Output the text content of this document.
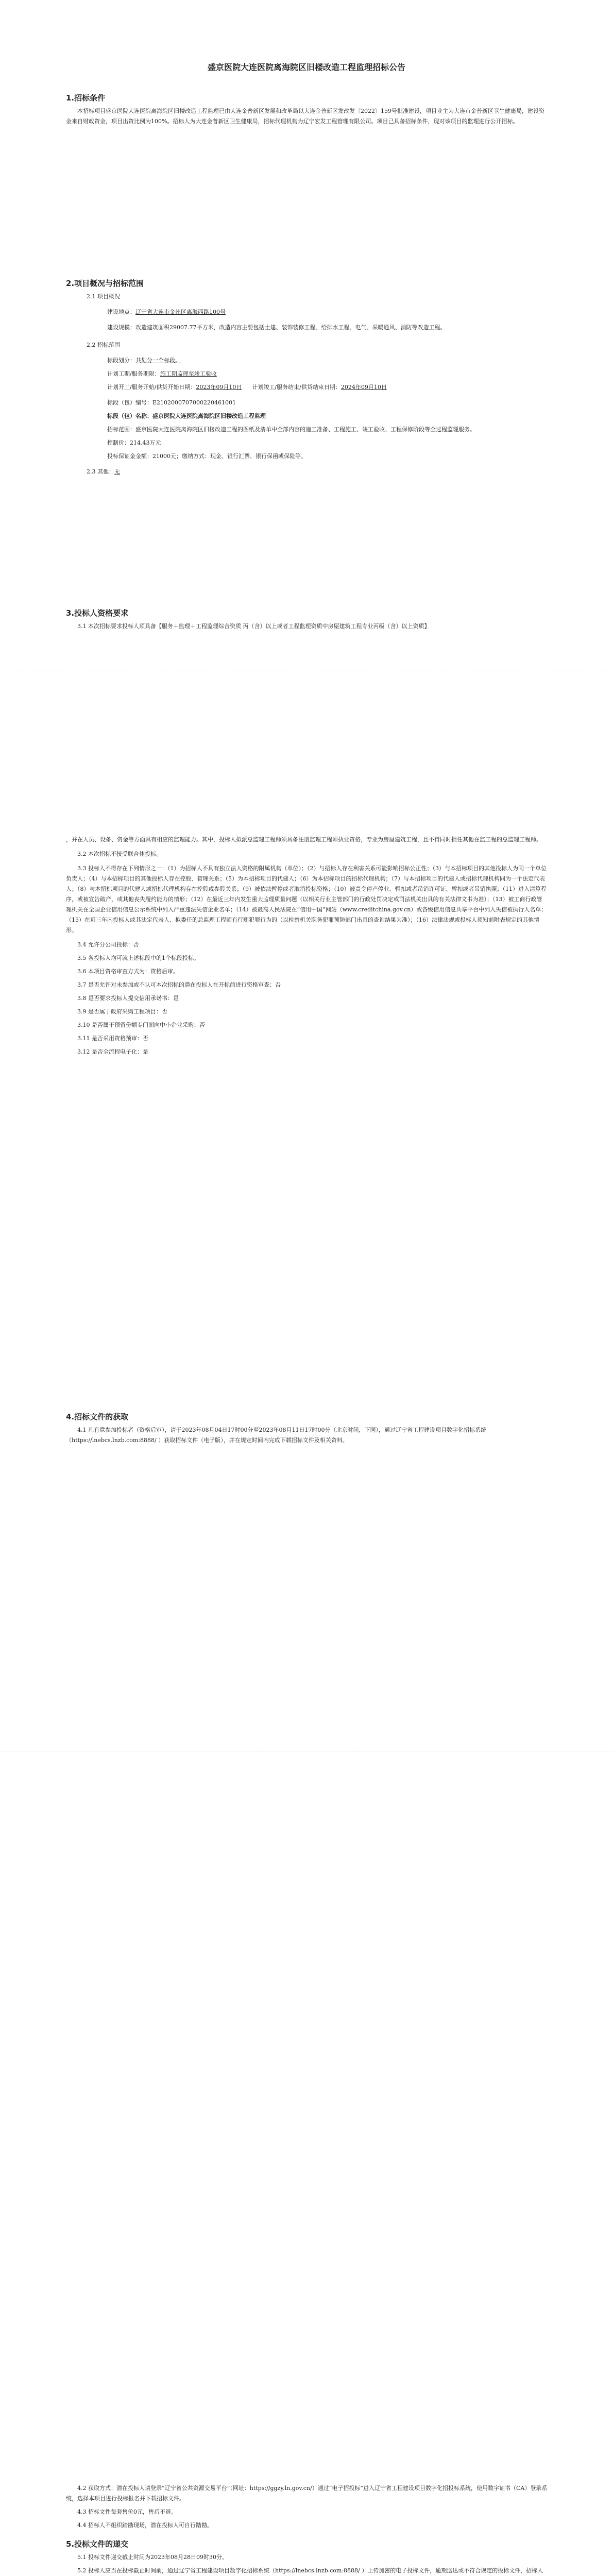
盛京医院大连医院离海院区旧楼改造工程监理招标公告
1.招标条件

本招标项目盛京医院大连医院离海院区旧楼改造工程监理已由大连金普新区发展和改革局以大连金普新区发改发〔2022〕159号批准建设，项目业主为大连市金普新区卫生健康局，建设资金来自财政资金，项目出资比例为100%。招标人为大连金普新区卫生健康局，招标代理机构为辽宁宏发工程管理有限公司。项目已具备招标条件，现对该项目的监理进行公开招标。

2.项目概况与招标范围

2.1 项目概况

建设地点：辽宁省大连市金州区离海西路100号

建设规模：改造建筑面积29007.77平方米，改造内容主要包括土建、装饰装修工程、给排水工程、电气、采暖通风、消防等改造工程。

2.2 招标范围

标段划分：共划分一个标段。

计划工期/服务期限：施工期监理至竣工验收

计划开工/服务开始/供货开始日期：2023年09月10日 计划竣工/服务结束/供货结束日期：2024年09月10日

标段（包）编号：E2102000707000220461001

标段（包）名称：盛京医院大连医院离海院区旧楼改造工程监理

招标范围：盛京医院大连医院离海院区旧楼改造工程的图纸及清单中全部内容的施工准备、工程施工、竣工验收、工程保修阶段等全过程监理服务。

控制价：214.43万元

投标保证金金额：21000元；缴纳方式：现金、银行汇票、银行保函或保险等。

2.3 其他：无

3.投标人资格要求

3.1 本次招标要求投标人须具备【服务＋监理＋工程监理综合资质 丙（含）以上或者工程监理资质中房屋建筑工程专业丙级（含）以上资质】

，并在人员、设备、资金等方面具有相应的监理能力。其中，投标人拟派总监理工程师须具备注册监理工程师执业资格，专业为房屋建筑工程，且不得同时担任其他在监工程的总监理工程师。

3.2 本次招标不接受联合体投标。

3.3 投标人不得存在下列情形之一：（1）为招标人不具有独立法人资格的附属机构（单位）；（2）与招标人存在利害关系可能影响招标公正性；（3）与本招标项目的其他投标人为同一个单位负责人；（4）与本招标项目的其他投标人存在控股、管理关系；（5）为本招标项目的代建人；（6）为本招标项目的招标代理机构；（7）与本招标项目的代建人或招标代理机构同为一个法定代表人；（8）与本招标项目的代建人或招标代理机构存在控股或参股关系；（9）被依法暂停或者取消投标资格；（10）被责令停产停业、暂扣或者吊销许可证、暂扣或者吊销执照；（11）进入清算程序，或被宣告破产，或其他丧失履约能力的情形；（12）在最近三年内发生重大监理质量问题（以相关行业主管部门的行政处罚决定或司法机关出具的有关法律文书为准）；（13）被工商行政管理机关在全国企业信用信息公示系统中列入严重违法失信企业名单；（14）被最高人民法院在“信用中国”网站（www.creditchina.gov.cn）或各级信用信息共享平台中列入失信被执行人名单；（15）在近三年内投标人或其法定代表人、拟委任的总监理工程师有行贿犯罪行为的（以检察机关职务犯罪预防部门出具的查询结果为准）；（16）法律法规或投标人须知前附表规定的其他情形。

3.4 允许分公司投标：否

3.5 各投标人均可就上述标段中的1个标段投标。

3.6 本项目资格审查方式为：资格后审。

3.7 是否允许对未参加或不认可本次招标的潜在投标人在开标前进行资格审查：否

3.8 是否要求投标人提交信用承诺书：是

3.9 是否属于政府采购工程项目：否

3.10 是否属于预留份额专门面向中小企业采购：否

3.11 是否采用资格预审：否

3.12 是否全流程电子化：是

4.招标文件的获取

4.1 凡有意参加投标者（资格后审），请于2023年08月04日17时00分至2023年08月11日17时00分（北京时间，下同），通过辽宁省工程建设项目数字化招标系统（https://lnebcs.lnzb.com:8888/ ）获取招标文件（电子版），并在规定时间内完成下载招标文件及相关资料。

4.2 获取方式：潜在投标人请登录“辽宁省公共资源交易平台”（网址：https://ggzy.ln.gov.cn/）通过“电子招投标”进入辽宁省工程建设项目数字化招投标系统，使用数字证书（CA）登录系统，选择本项目进行投标报名并下载招标文件。

4.3 招标文件每套售价0元，售后不退。

4.4 招标人不组织踏勘现场，潜在投标人可自行踏勘。

5.投标文件的递交

5.1 投标文件递交截止时间为2023年08月28日09时30分。

5.2 投标人应当在投标截止时间前，通过辽宁省工程建设项目数字化招标系统（https://lnebcs.lnzb.com:8888/ ）上传加密的电子投标文件，逾期送达或不符合规定的投标文件，招标人
